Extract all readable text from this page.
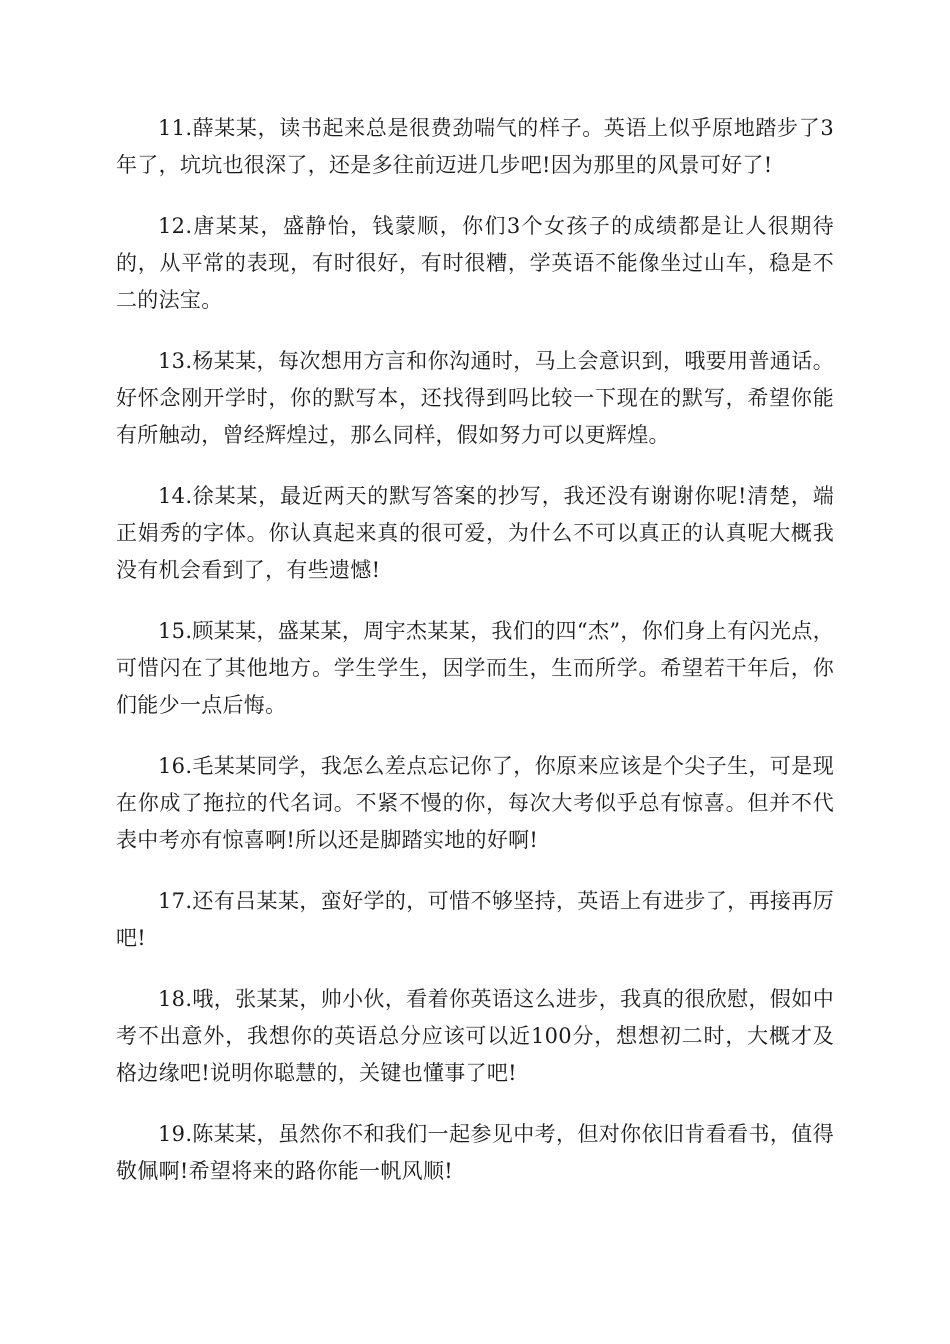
11.薛某某，读书起来总是很费劲喘气的样子。英语上似乎原地踏步了3年了，坑坑也很深了，还是多往前迈进几步吧!因为那里的风景可好了!

12.唐某某，盛静怡，钱蒙顺，你们3个女孩子的成绩都是让人很期待的，从平常的表现，有时很好，有时很糟，学英语不能像坐过山车，稳是不二的法宝。

13.杨某某，每次想用方言和你沟通时，马上会意识到，哦要用普通话。好怀念刚开学时，你的默写本，还找得到吗比较一下现在的默写，希望你能有所触动，曾经辉煌过，那么同样，假如努力可以更辉煌。

14.徐某某，最近两天的默写答案的抄写，我还没有谢谢你呢!清楚，端正娟秀的字体。你认真起来真的很可爱，为什么不可以真正的认真呢大概我没有机会看到了，有些遗憾!

15.顾某某，盛某某，周宇杰某某，我们的四“杰”，你们身上有闪光点，可惜闪在了其他地方。学生学生，因学而生，生而所学。希望若干年后，你们能少一点后悔。

16.毛某某同学，我怎么差点忘记你了，你原来应该是个尖子生，可是现在你成了拖拉的代名词。不紧不慢的你，每次大考似乎总有惊喜。但并不代表中考亦有惊喜啊!所以还是脚踏实地的好啊!

17.还有吕某某，蛮好学的，可惜不够坚持，英语上有进步了，再接再厉吧!

18.哦，张某某，帅小伙，看着你英语这么进步，我真的很欣慰，假如中考不出意外，我想你的英语总分应该可以近100分，想想初二时，大概才及格边缘吧!说明你聪慧的，关键也懂事了吧!

19.陈某某，虽然你不和我们一起参见中考，但对你依旧肯看看书，值得敬佩啊!希望将来的路你能一帆风顺!
